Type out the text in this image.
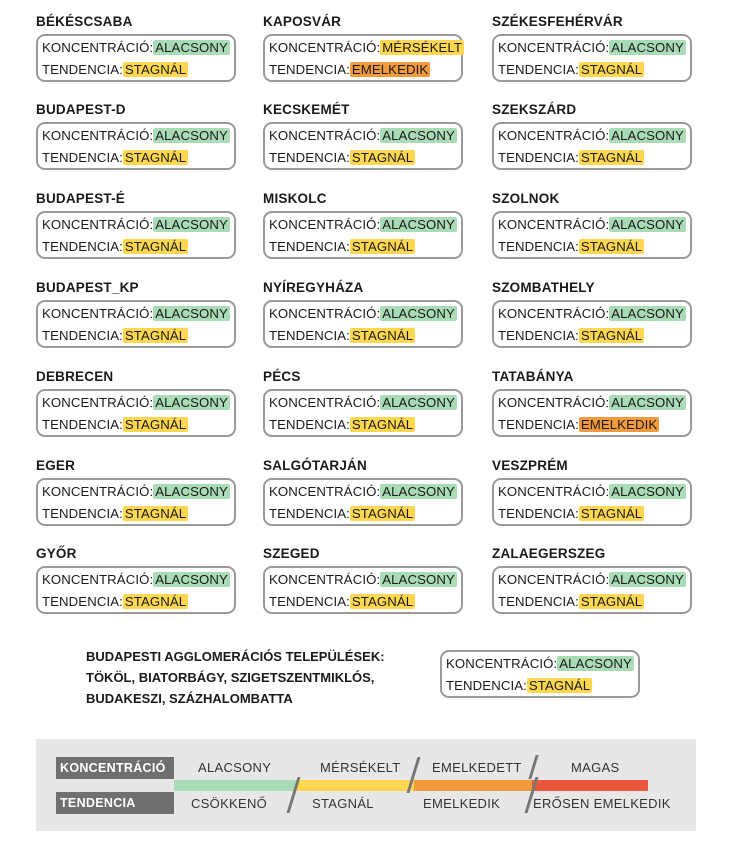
BÉKÉSCSABA
KONCENTRÁCIÓ: ALACSONY
TENDENCIA: STAGNÁL
KAPOSVÁR
KONCENTRÁCIÓ: MÉRSÉKELT
TENDENCIA: EMELKEDIK
SZÉKESFEHÉRVÁR
KONCENTRÁCIÓ: ALACSONY
TENDENCIA: STAGNÁL
BUDAPEST-D
KONCENTRÁCIÓ: ALACSONY
TENDENCIA: STAGNÁL
KECSKEMÉT
KONCENTRÁCIÓ: ALACSONY
TENDENCIA: STAGNÁL
SZEKSZÁRD
KONCENTRÁCIÓ: ALACSONY
TENDENCIA: STAGNÁL
BUDAPEST-É
KONCENTRÁCIÓ: ALACSONY
TENDENCIA: STAGNÁL
MISKOLC
KONCENTRÁCIÓ: ALACSONY
TENDENCIA: STAGNÁL
SZOLNOK
KONCENTRÁCIÓ: ALACSONY
TENDENCIA: STAGNÁL
BUDAPEST_KP
KONCENTRÁCIÓ: ALACSONY
TENDENCIA: STAGNÁL
NYÍREGYHÁZA
KONCENTRÁCIÓ: ALACSONY
TENDENCIA: STAGNÁL
SZOMBATHELY
KONCENTRÁCIÓ: ALACSONY
TENDENCIA: STAGNÁL
DEBRECEN
KONCENTRÁCIÓ: ALACSONY
TENDENCIA: STAGNÁL
PÉCS
KONCENTRÁCIÓ: ALACSONY
TENDENCIA: STAGNÁL
TATABÁNYA
KONCENTRÁCIÓ: ALACSONY
TENDENCIA: EMELKEDIK
EGER
KONCENTRÁCIÓ: ALACSONY
TENDENCIA: STAGNÁL
SALGÓTARJÁN
KONCENTRÁCIÓ: ALACSONY
TENDENCIA: STAGNÁL
VESZPRÉM
KONCENTRÁCIÓ: ALACSONY
TENDENCIA: STAGNÁL
GYŐR
KONCENTRÁCIÓ: ALACSONY
TENDENCIA: STAGNÁL
SZEGED
KONCENTRÁCIÓ: ALACSONY
TENDENCIA: STAGNÁL
ZALAEGERSZEG
KONCENTRÁCIÓ: ALACSONY
TENDENCIA: STAGNÁL
BUDAPESTI AGGLOMERÁCIÓS TELEPÜLÉSEK:
TÖKÖL, BIATORBÁGY, SZIGETSZENTMIKLÓS,
BUDAKESZI, SZÁZHALOMBATTA
KONCENTRÁCIÓ: ALACSONY
TENDENCIA: STAGNÁL
KONCENTRÁCIÓ
TENDENCIA
ALACSONY	MÉRSÉKELT EMELKEDETT	MAGAS
CSÖKKENŐ	STAGNÁL	EMELKEDIK	ERŐSEN EMELKEDIK
